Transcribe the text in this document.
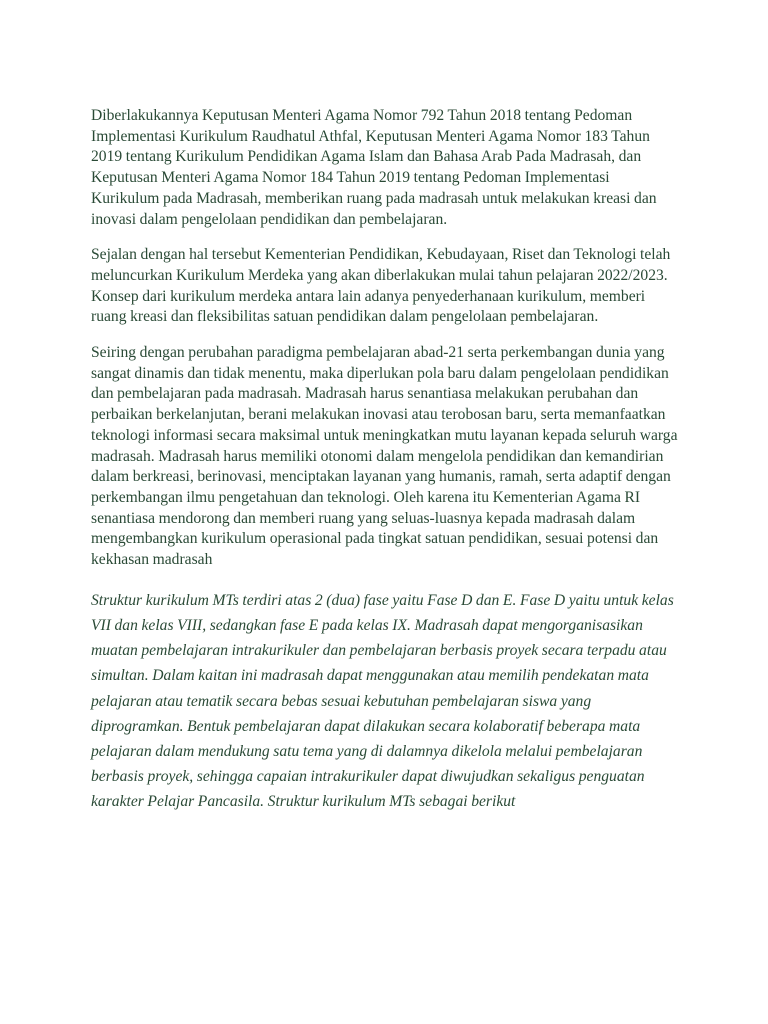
Diberlakukannya Keputusan Menteri Agama Nomor 792 Tahun 2018 tentang Pedoman Implementasi Kurikulum Raudhatul Athfal, Keputusan Menteri Agama Nomor 183 Tahun 2019 tentang Kurikulum Pendidikan Agama Islam dan Bahasa Arab Pada Madrasah, dan Keputusan Menteri Agama Nomor 184 Tahun 2019 tentang Pedoman Implementasi Kurikulum pada Madrasah, memberikan ruang pada madrasah untuk melakukan kreasi dan inovasi dalam pengelolaan pendidikan dan pembelajaran.

Sejalan dengan hal tersebut Kementerian Pendidikan, Kebudayaan, Riset dan Teknologi telah meluncurkan Kurikulum Merdeka yang akan diberlakukan mulai tahun pelajaran 2022/2023. Konsep dari kurikulum merdeka antara lain adanya penyederhanaan kurikulum, memberi ruang kreasi dan fleksibilitas satuan pendidikan dalam pengelolaan pembelajaran.

Seiring dengan perubahan paradigma pembelajaran abad-21 serta perkembangan dunia yang sangat dinamis dan tidak menentu, maka diperlukan pola baru dalam pengelolaan pendidikan dan pembelajaran pada madrasah. Madrasah harus senantiasa melakukan perubahan dan perbaikan berkelanjutan, berani melakukan inovasi atau terobosan baru, serta memanfaatkan teknologi informasi secara maksimal untuk meningkatkan mutu layanan kepada seluruh warga madrasah. Madrasah harus memiliki otonomi dalam mengelola pendidikan dan kemandirian dalam berkreasi, berinovasi, menciptakan layanan yang humanis, ramah, serta adaptif dengan perkembangan ilmu pengetahuan dan teknologi. Oleh karena itu Kementerian Agama RI senantiasa mendorong dan memberi ruang yang seluas-luasnya kepada madrasah dalam mengembangkan kurikulum operasional pada tingkat satuan pendidikan, sesuai potensi dan kekhasan madrasah

Struktur kurikulum MTs terdiri atas 2 (dua) fase yaitu Fase D dan E. Fase D yaitu untuk kelas VII dan kelas VIII, sedangkan fase E pada kelas IX. Madrasah dapat mengorganisasikan muatan pembelajaran intrakurikuler dan pembelajaran berbasis proyek secara terpadu atau simultan. Dalam kaitan ini madrasah dapat menggunakan atau memilih pendekatan mata pelajaran atau tematik secara bebas sesuai kebutuhan pembelajaran siswa yang diprogramkan. Bentuk pembelajaran dapat dilakukan secara kolaboratif beberapa mata pelajaran dalam mendukung satu tema yang di dalamnya dikelola melalui pembelajaran berbasis proyek, sehingga capaian intrakurikuler dapat diwujudkan sekaligus penguatan karakter Pelajar Pancasila. Struktur kurikulum MTs sebagai berikut
